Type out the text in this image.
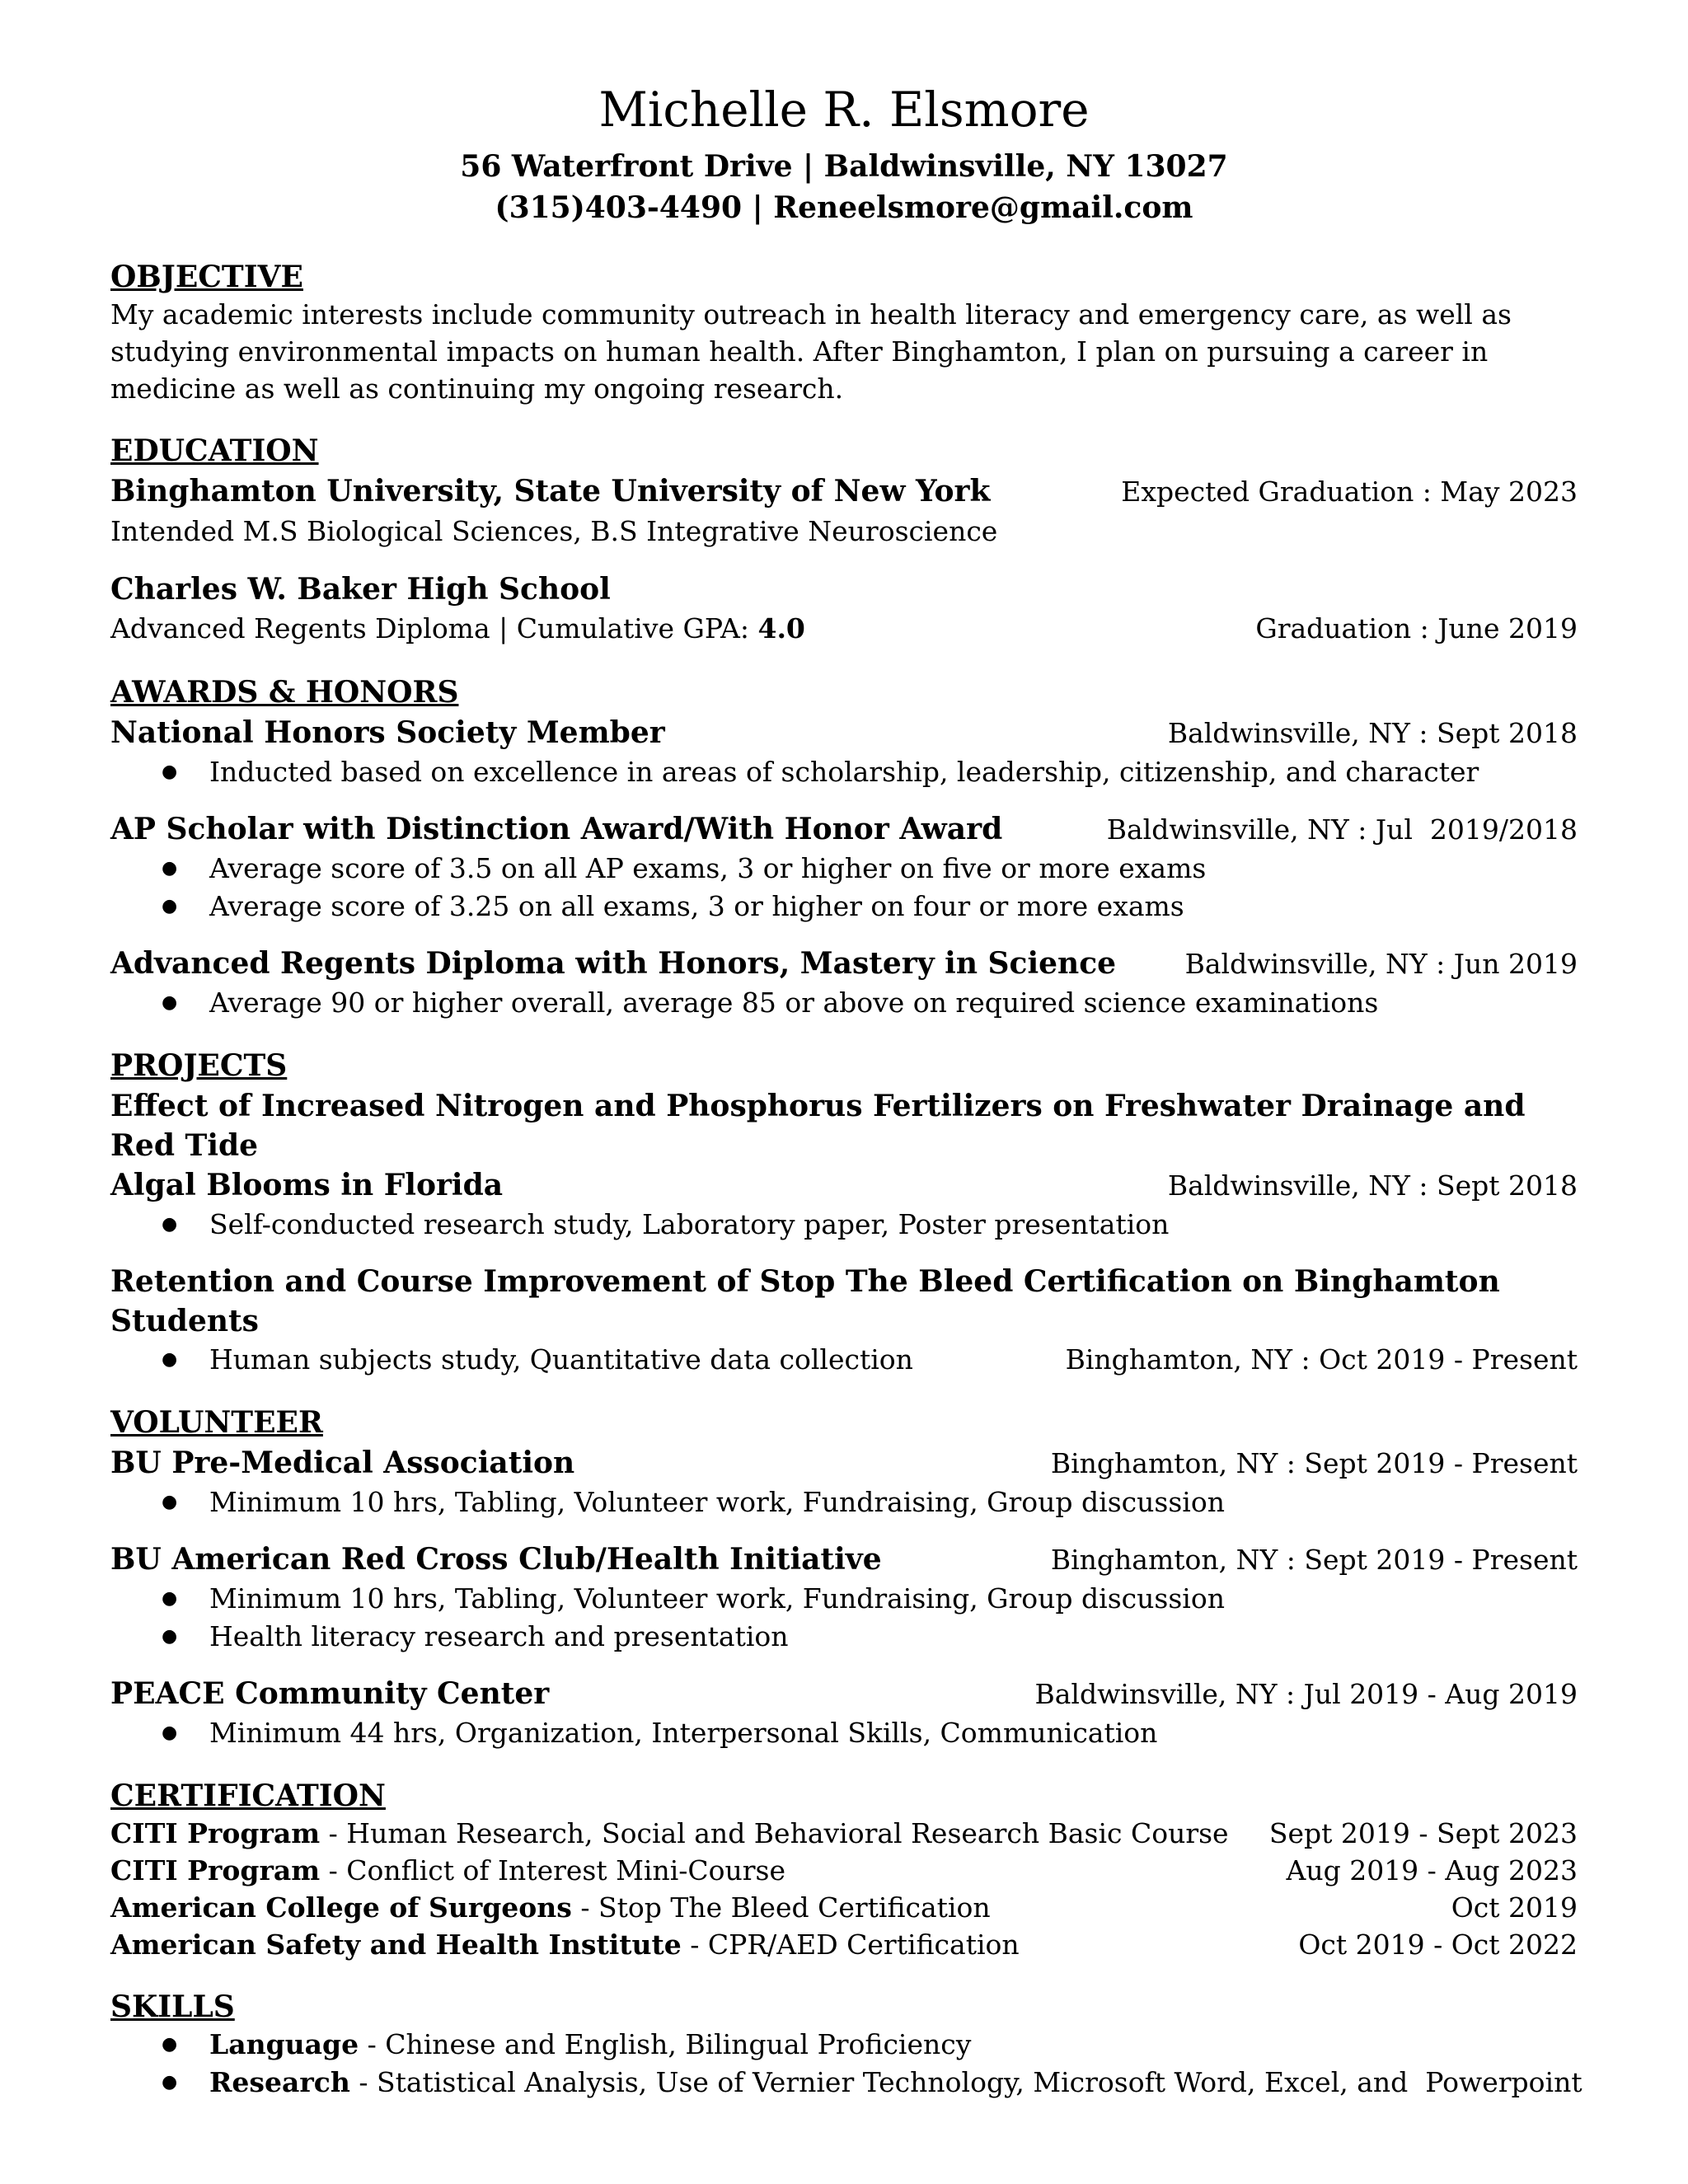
Michelle R. Elsmore
56 Waterfront Drive | Baldwinsville, NY 13027
(315)403-4490 | Reneelsmore@gmail.com
OBJECTIVE
My academic interests include community outreach in health literacy and emergency care, as well as studying environmental impacts on human health. After Binghamton, I plan on pursuing a career in medicine as well as continuing my ongoing research.
EDUCATION
Binghamton University, State University of New York	Expected Graduation : May 2023
Intended M.S Biological Sciences, B.S Integrative Neuroscience
Charles W. Baker High School
Advanced Regents Diploma | Cumulative GPA: 4.0	Graduation : June 2019
AWARDS & HONORS
National Honors Society Member	Baldwinsville, NY : Sept 2018
● Inducted based on excellence in areas of scholarship, leadership, citizenship, and character
AP Scholar with Distinction Award/With Honor Award	Baldwinsville, NY : Jul  2019/2018
● Average score of 3.5 on all AP exams, 3 or higher on five or more exams
● Average score of 3.25 on all exams, 3 or higher on four or more exams
Advanced Regents Diploma with Honors, Mastery in Science	Baldwinsville, NY : Jun 2019
● Average 90 or higher overall, average 85 or above on required science examinations
PROJECTS
Effect of Increased Nitrogen and Phosphorus Fertilizers on Freshwater Drainage and Red Tide
Algal Blooms in Florida	Baldwinsville, NY : Sept 2018
● Self-conducted research study, Laboratory paper, Poster presentation
Retention and Course Improvement of Stop The Bleed Certification on Binghamton Students
● Human subjects study, Quantitative data collection	Binghamton, NY : Oct 2019 - Present
VOLUNTEER
BU Pre-Medical Association	Binghamton, NY : Sept 2019 - Present
● Minimum 10 hrs, Tabling, Volunteer work, Fundraising, Group discussion
BU American Red Cross Club/Health Initiative	Binghamton, NY : Sept 2019 - Present
● Minimum 10 hrs, Tabling, Volunteer work, Fundraising, Group discussion
● Health literacy research and presentation
PEACE Community Center	Baldwinsville, NY : Jul 2019 - Aug 2019
● Minimum 44 hrs, Organization, Interpersonal Skills, Communication
CERTIFICATION
CITI Program - Human Research, Social and Behavioral Research Basic Course Sept 2019 - Sept 2023
CITI Program - Conflict of Interest Mini-Course	Aug 2019 - Aug 2023
American College of Surgeons - Stop The Bleed Certification	Oct 2019
American Safety and Health Institute - CPR/AED Certification	Oct 2019 - Oct 2022
SKILLS
● Language - Chinese and English, Bilingual Proficiency
● Research - Statistical Analysis, Use of Vernier Technology, Microsoft Word, Excel, and  Powerpoint
